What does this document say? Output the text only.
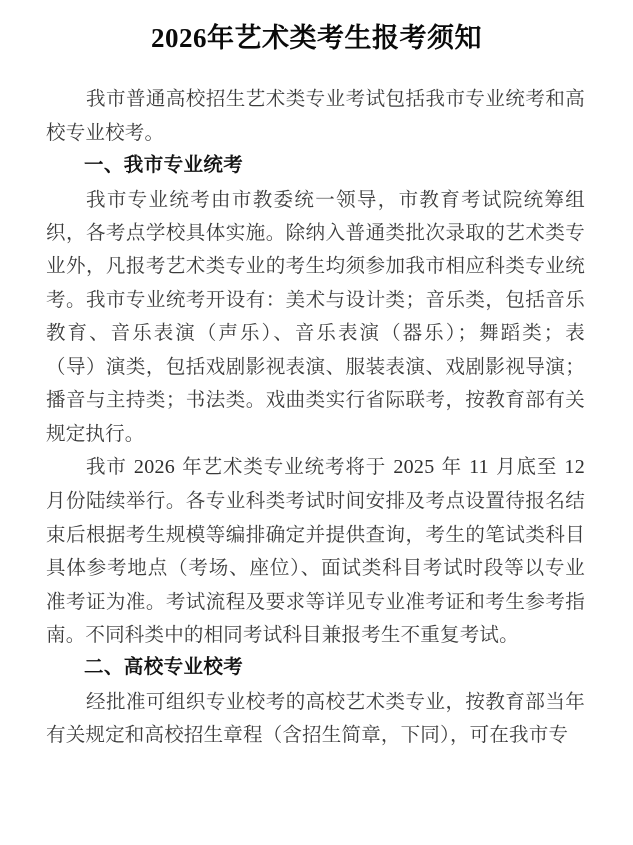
2026年艺术类考生报考须知

我市普通高校招生艺术类专业考试包括我市专业统考和高校专业校考。

一、我市专业统考

我市专业统考由市教委统一领导，市教育考试院统筹组织，各考点学校具体实施。除纳入普通类批次录取的艺术类专业外，凡报考艺术类专业的考生均须参加我市相应科类专业统考。我市专业统考开设有：美术与设计类；音乐类，包括音乐教育、音乐表演（声乐）、音乐表演（器乐）；舞蹈类；表（导）演类，包括戏剧影视表演、服装表演、戏剧影视导演；播音与主持类；书法类。戏曲类实行省际联考，按教育部有关规定执行。

我市 2026 年艺术类专业统考将于 2025 年 11 月底至 12 月份陆续举行。各专业科类考试时间安排及考点设置待报名结束后根据考生规模等编排确定并提供查询，考生的笔试类科目具体参考地点（考场、座位）、面试类科目考试时段等以专业准考证为准。考试流程及要求等详见专业准考证和考生参考指南。不同科类中的相同考试科目兼报考生不重复考试。

二、高校专业校考

经批准可组织专业校考的高校艺术类专业，按教育部当年有关规定和高校招生章程（含招生简章，下同），可在我市专
